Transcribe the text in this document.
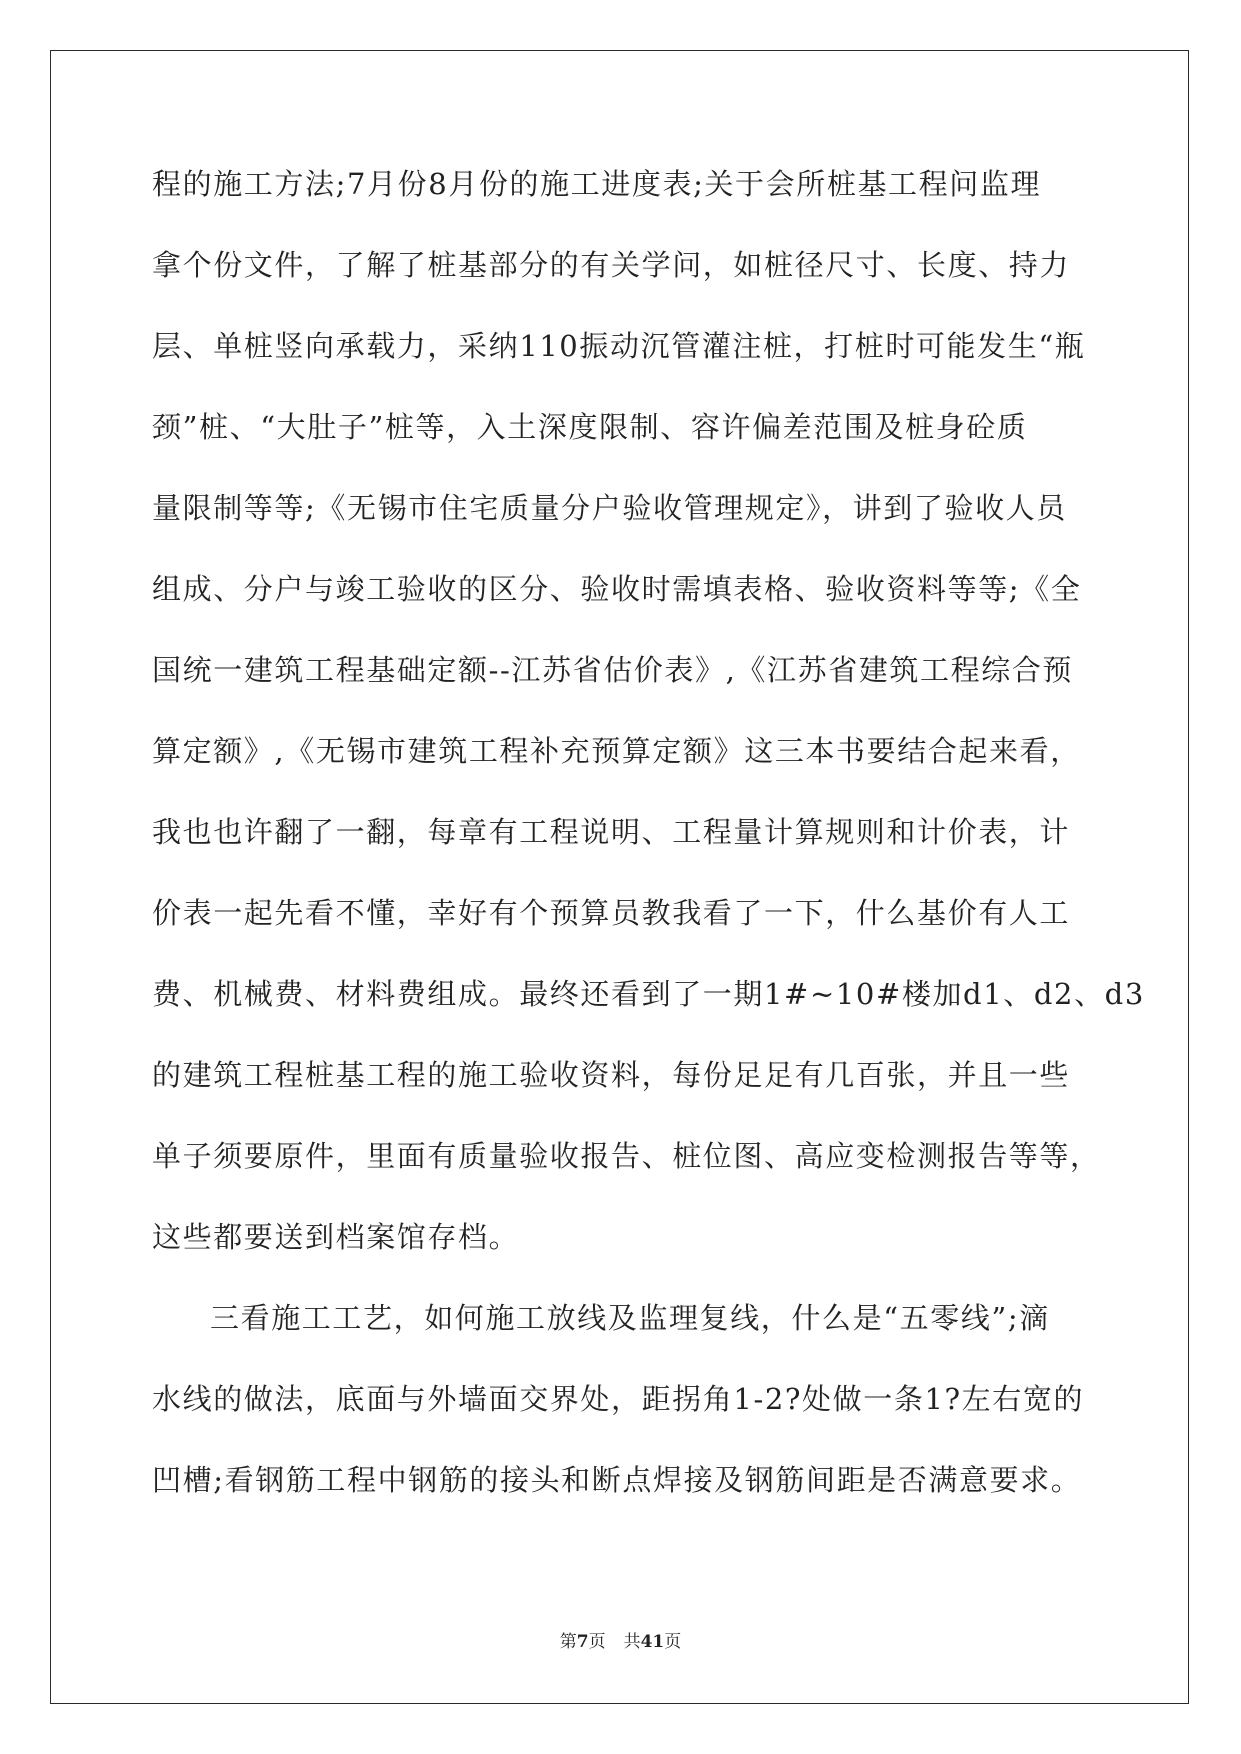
程的施工方法;7月份8月份的施工进度表;关于会所桩基工程问监理
拿个份文件，了解了桩基部分的有关学问，如桩径尺寸、长度、持力
层、单桩竖向承载力，采纳110振动沉管灌注桩，打桩时可能发生“瓶
颈”桩、“大肚子”桩等，入土深度限制、容许偏差范围及桩身砼质
量限制等等;《无锡市住宅质量分户验收管理规定》，讲到了验收人员
组成、分户与竣工验收的区分、验收时需填表格、验收资料等等;《全
国统一建筑工程基础定额--江苏省估价表》,《江苏省建筑工程综合预
算定额》,《无锡市建筑工程补充预算定额》这三本书要结合起来看，
我也也许翻了一翻，每章有工程说明、工程量计算规则和计价表，计
价表一起先看不懂，幸好有个预算员教我看了一下，什么基价有人工
费、机械费、材料费组成。最终还看到了一期1#~10#楼加d1、d2、d3
的建筑工程桩基工程的施工验收资料，每份足足有几百张，并且一些
单子须要原件，里面有质量验收报告、桩位图、高应变检测报告等等，
这些都要送到档案馆存档。
三看施工工艺，如何施工放线及监理复线，什么是“五零线”;滴
水线的做法，底面与外墙面交界处，距拐角1-2?处做一条1?左右宽的
凹槽;看钢筋工程中钢筋的接头和断点焊接及钢筋间距是否满意要求。
第7页 共41页
